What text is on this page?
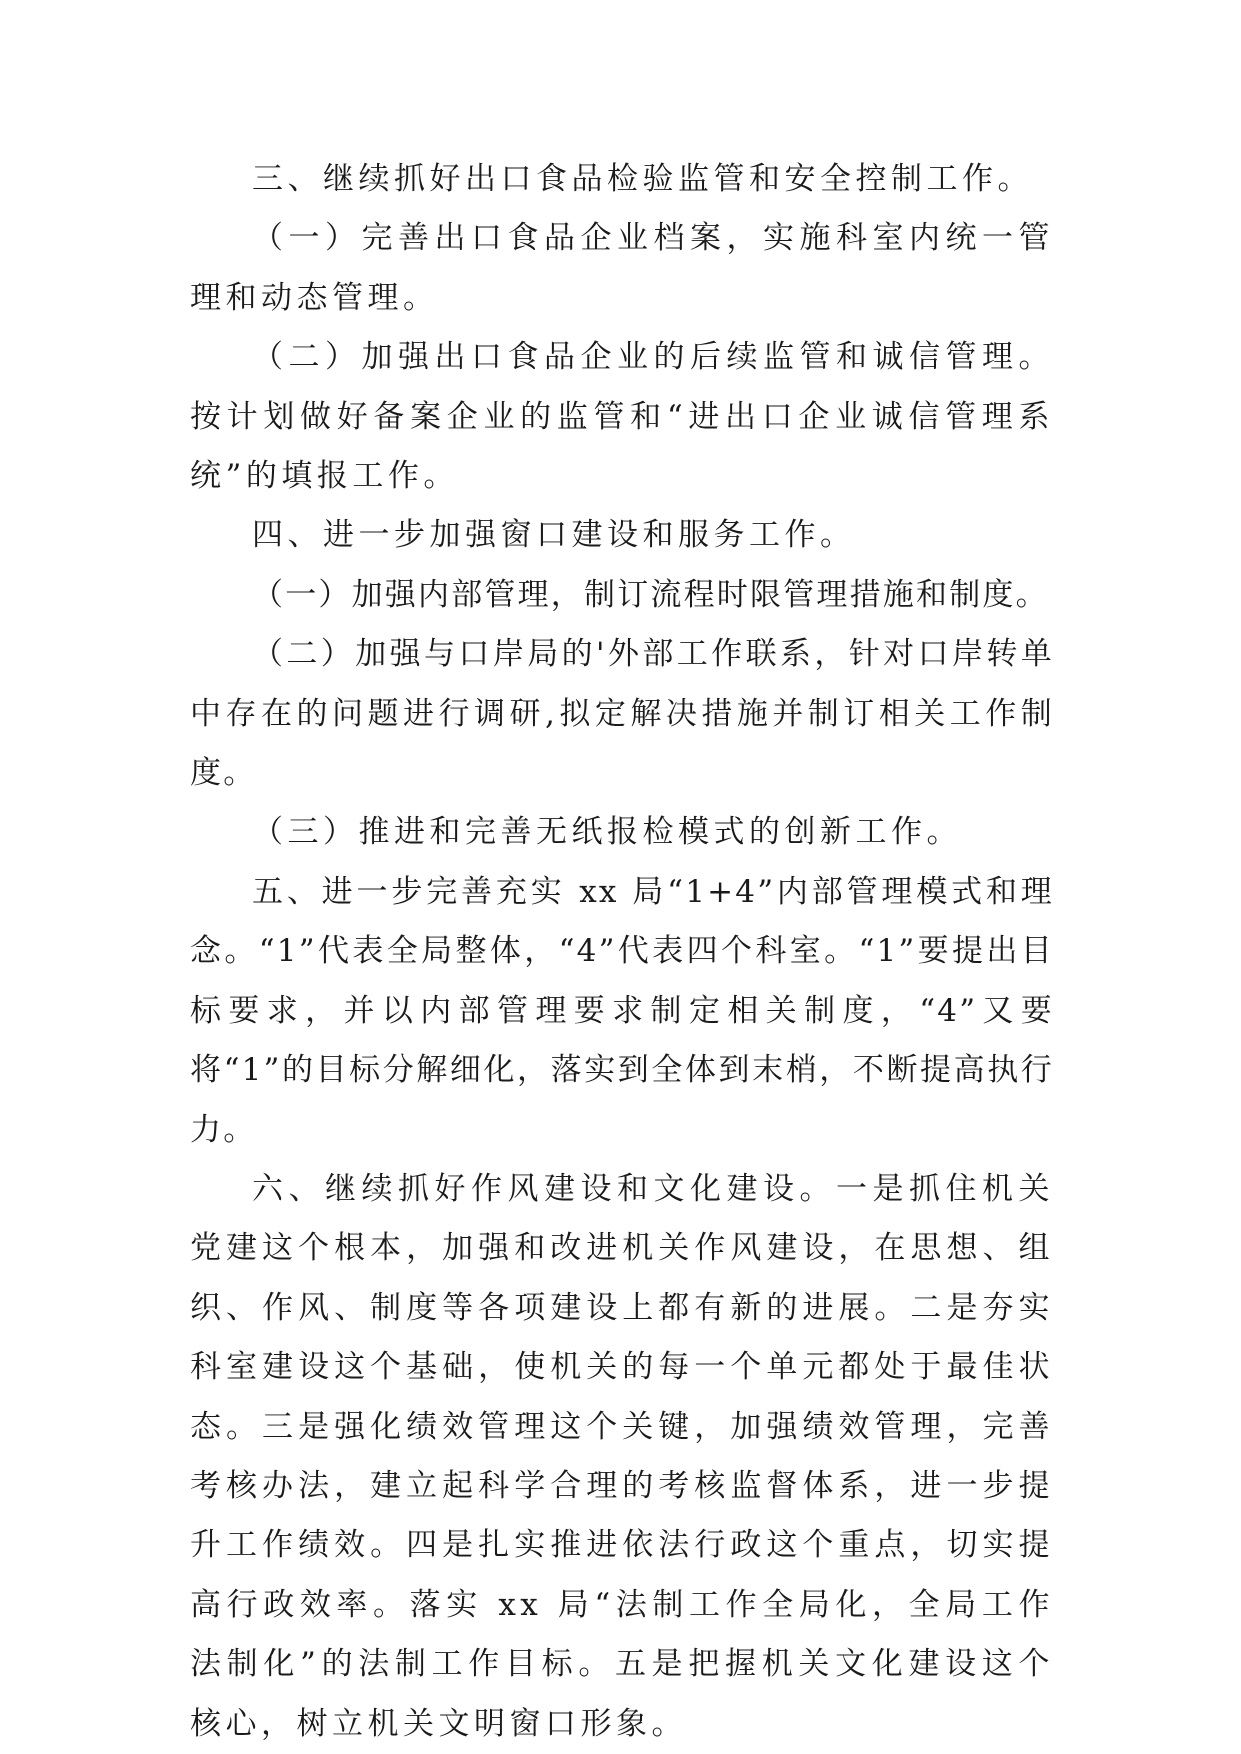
三、继续抓好出口食品检验监管和安全控制工作。

（一）完善出口食品企业档案，实施科室内统一管理和动态管理。

（二）加强出口食品企业的后续监管和诚信管理。按计划做好备案企业的监管和“进出口企业诚信管理系统”的填报工作。

四、进一步加强窗口建设和服务工作。

（一）加强内部管理，制订流程时限管理措施和制度。

（二）加强与口岸局的'外部工作联系，针对口岸转单中存在的问题进行调研,拟定解决措施并制订相关工作制度。

（三）推进和完善无纸报检模式的创新工作。

五、进一步完善充实 xx 局“1+4”内部管理模式和理念。“1”代表全局整体，“4”代表四个科室。“1”要提出目标要求，并以内部管理要求制定相关制度，“4”又要将“1”的目标分解细化，落实到全体到末梢，不断提高执行力。

六、继续抓好作风建设和文化建设。一是抓住机关党建这个根本，加强和改进机关作风建设，在思想、组织、作风、制度等各项建设上都有新的进展。二是夯实科室建设这个基础，使机关的每一个单元都处于最佳状态。三是强化绩效管理这个关键，加强绩效管理，完善考核办法，建立起科学合理的考核监督体系，进一步提升工作绩效。四是扎实推进依法行政这个重点，切实提高行政效率。落实 xx 局“法制工作全局化，全局工作法制化”的法制工作目标。五是把握机关文化建设这个核心，树立机关文明窗口形象。
